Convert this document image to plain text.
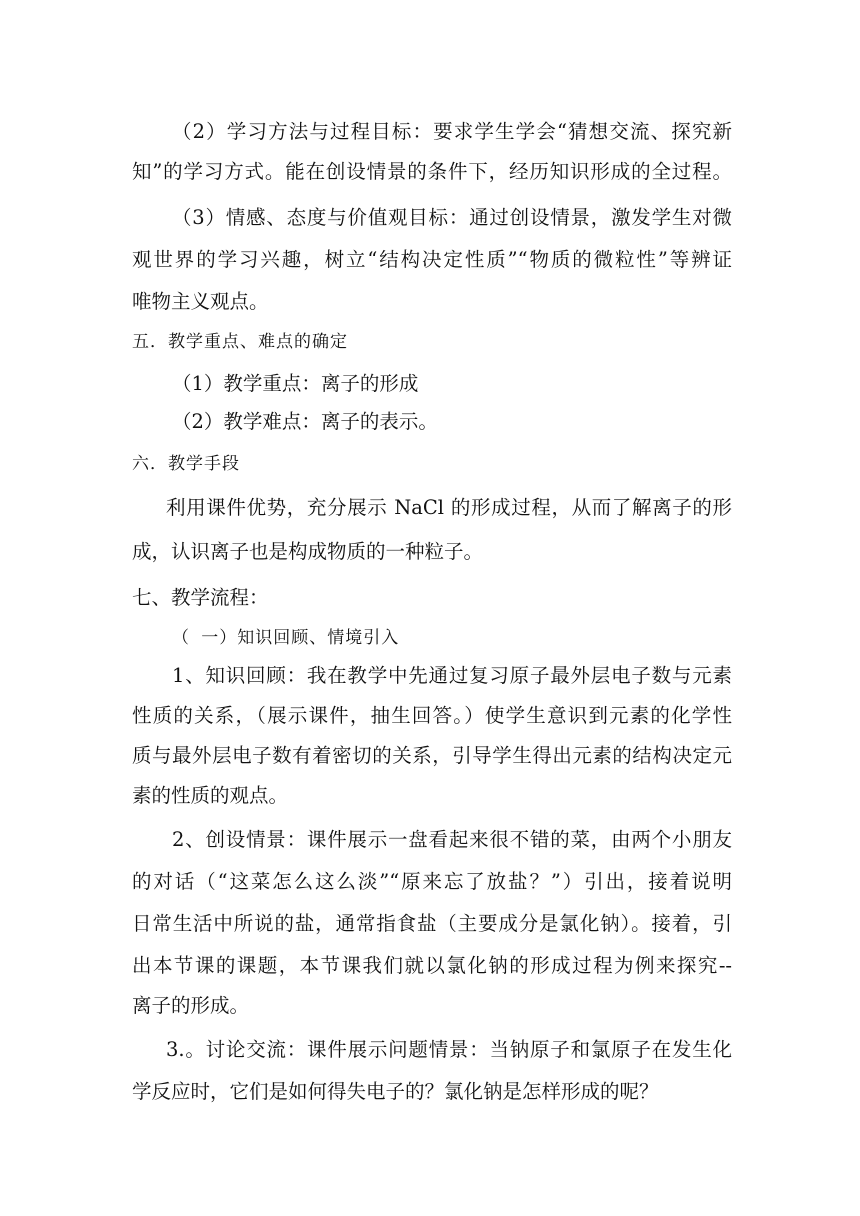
（2）学习方法与过程目标：要求学生学会“猜想交流、探究新
知”的学习方式。能在创设情景的条件下，经历知识形成的全过程。
（3）情感、态度与价值观目标：通过创设情景，激发学生对微
观世界的学习兴趣，树立“结构决定性质”“物质的微粒性”等辨证
唯物主义观点。
五．教学重点、难点的确定
（1）教学重点：离子的形成
（2）教学难点：离子的表示。
六．教学手段
利用课件优势，充分展示 NaCl 的形成过程，从而了解离子的形
成，认识离子也是构成物质的一种粒子。
七、教学流程：
（ 一）知识回顾、情境引入
1、知识回顾：我在教学中先通过复习原子最外层电子数与元素
性质的关系，（展示课件，抽生回答。）使学生意识到元素的化学性
质与最外层电子数有着密切的关系，引导学生得出元素的结构决定元
素的性质的观点。
2、创设情景：课件展示一盘看起来很不错的菜，由两个小朋友
的对话（“这菜怎么这么淡”“原来忘了放盐？”）引出，接着说明
日常生活中所说的盐，通常指食盐（主要成分是氯化钠）。接着，引
出本节课的课题，本节课我们就以氯化钠的形成过程为例来探究--
离子的形成。
3.。讨论交流：课件展示问题情景：当钠原子和氯原子在发生化
学反应时，它们是如何得失电子的？氯化钠是怎样形成的呢？
